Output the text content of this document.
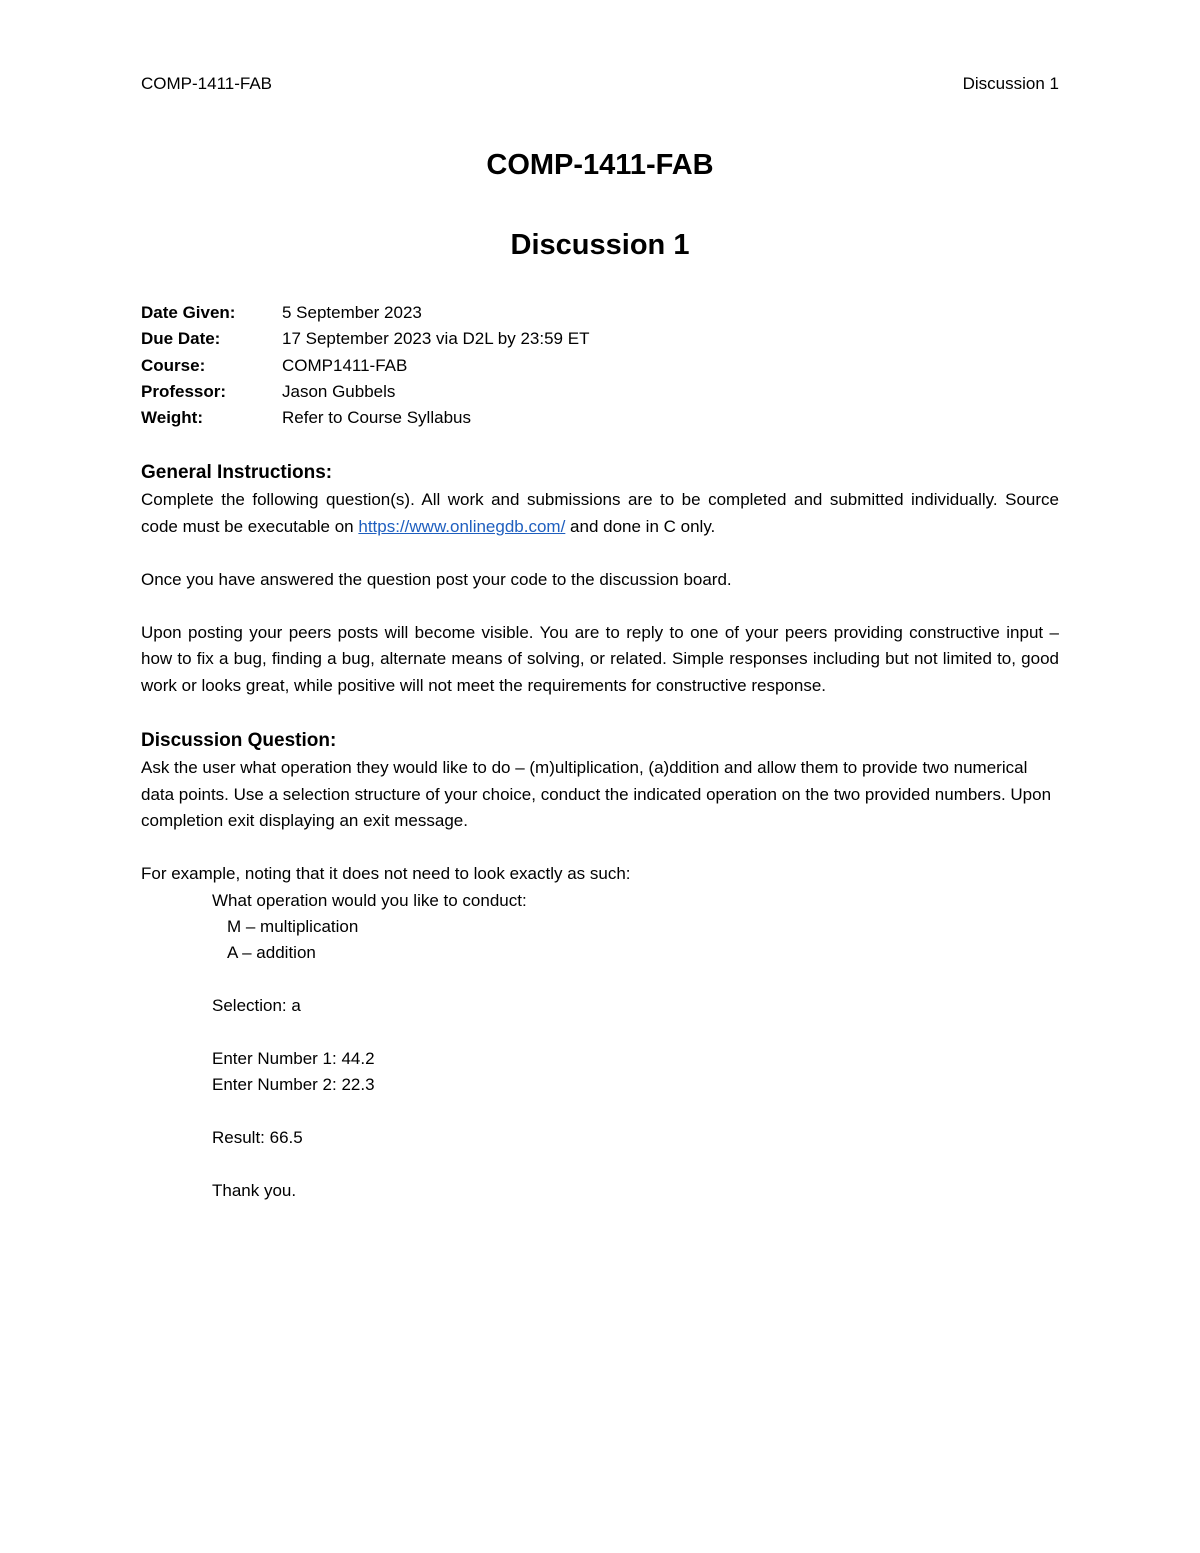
COMP-1411-FAB	Discussion 1
COMP-1411-FAB
Discussion 1
Date Given:	5 September 2023
Due Date:	17 September 2023 via D2L by 23:59 ET
Course:	COMP1411-FAB
Professor:	Jason Gubbels
Weight:	Refer to Course Syllabus
General Instructions:

Complete the following question(s). All work and submissions are to be completed and submitted individually. Source code must be executable on https://www.onlinegdb.com/ and done in C only.

Once you have answered the question post your code to the discussion board.

Upon posting your peers posts will become visible. You are to reply to one of your peers providing constructive input – how to fix a bug, finding a bug, alternate means of solving, or related. Simple responses including but not limited to, good work or looks great, while positive will not meet the requirements for constructive response.

Discussion Question:

Ask the user what operation they would like to do – (m)ultiplication, (a)ddition and allow them to provide two numerical data points. Use a selection structure of your choice, conduct the indicated operation on the two provided numbers. Upon completion exit displaying an exit message.

For example, noting that it does not need to look exactly as such:
What operation would you like to conduct:
M – multiplication
A – addition
Selection: a
Enter Number 1: 44.2
Enter Number 2: 22.3
Result: 66.5
Thank you.
